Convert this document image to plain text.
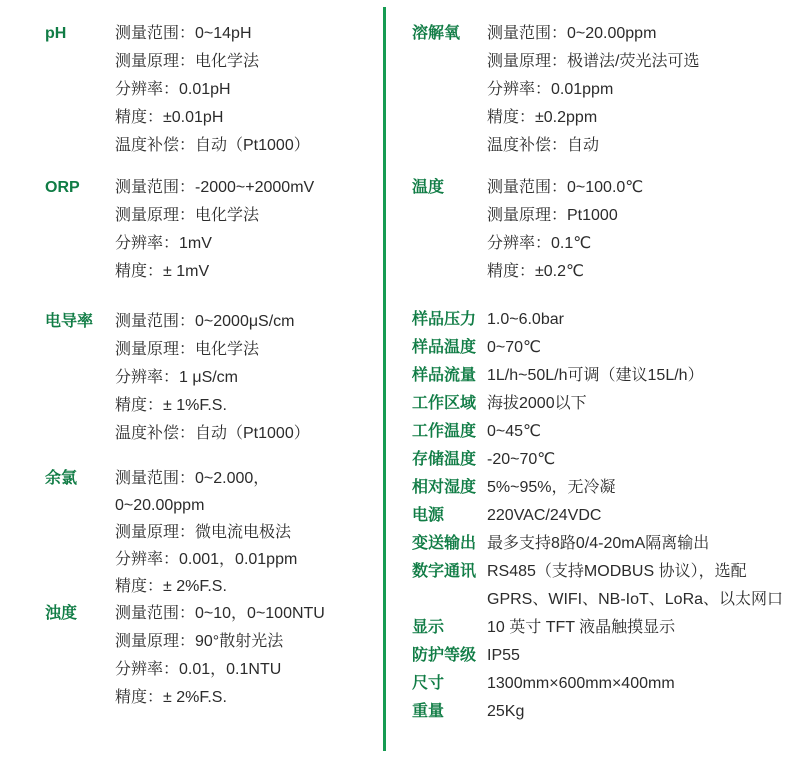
pH	测量范围：0~14pH
测量原理：电化学法
分辨率：0.01pH
精度：±0.01pH
温度补偿：自动（Pt1000）
ORP	测量范围：-2000~+2000mV
测量原理：电化学法
分辨率：1mV
精度：± 1mV
电导率	测量范围：0~2000μS/cm
测量原理：电化学法
分辨率：1 μS/cm
精度：± 1%F.S.
温度补偿：自动（Pt1000）
余氯	测量范围：0~2.000，
0~20.00ppm
测量原理：微电流电极法
分辨率：0.001，0.01ppm
精度：± 2%F.S.
浊度	测量范围：0~10，0~100NTU
测量原理：90°散射光法
分辨率：0.01，0.1NTU
精度：± 2%F.S.
溶解氧	测量范围：0~20.00ppm
测量原理：极谱法/荧光法可选
分辨率：0.01ppm
精度：±0.2ppm
温度补偿：自动
温度	测量范围：0~100.0℃
测量原理：Pt1000
分辨率：0.1℃
精度：±0.2℃
样品压力 1.0~6.0bar
样品温度 0~70℃
样品流量 1L/h~50L/h可调（建议15L/h）
工作区域 海拔2000以下
工作温度 0~45℃
存储温度 -20~70℃
相对湿度 5%~95%，无冷凝
电源	220VAC/24VDC
变送输出 最多支持8路0/4-20mA隔离输出
数字通讯 RS485（支持MODBUS 协议），选配
GPRS、WIFI、NB-IoT、LoRa、以太网口
显示	10 英寸 TFT 液晶触摸显示
防护等级 IP55
尺寸	1300mm×600mm×400mm
重量	25Kg
